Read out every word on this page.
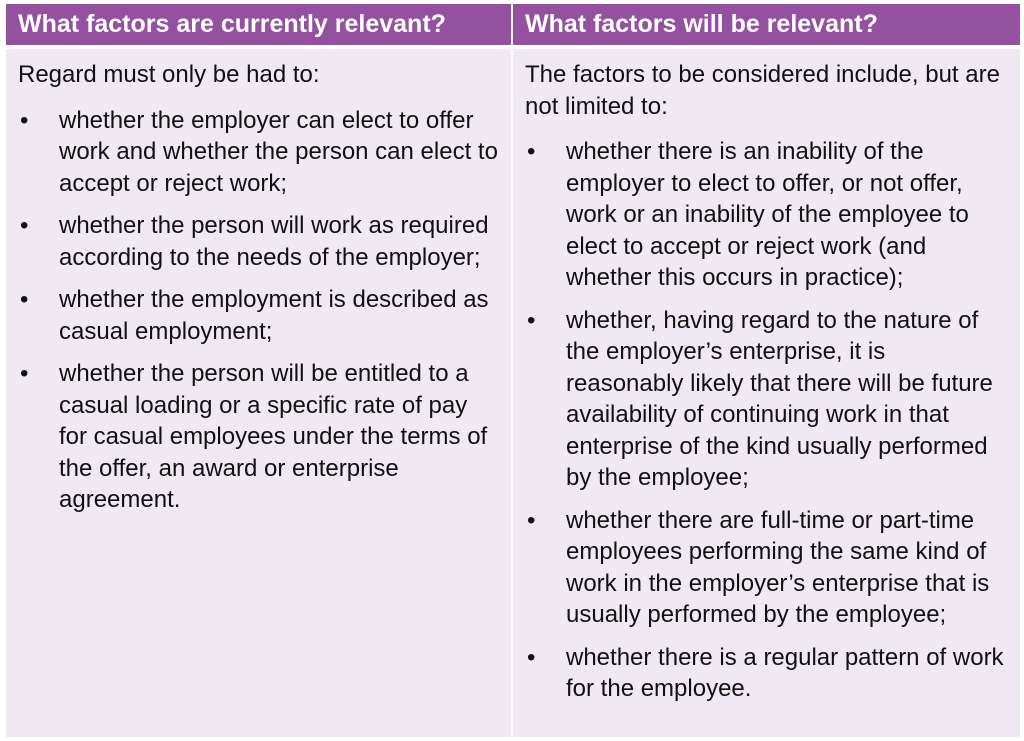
What factors are currently relevant?	What factors will be relevant?
Regard must only be had to:
• whether the employer can elect to offer work and whether the person can elect to accept or reject work;
• whether the person will work as required according to the needs of the employer;
• whether the employment is described as casual employment;
• whether the person will be entitled to a casual loading or a specific rate of pay for casual employees under the terms of the offer, an award or enterprise agreement.
The factors to be considered include, but are not limited to:
• whether there is an inability of the employer to elect to offer, or not offer, work or an inability of the employee to elect to accept or reject work (and whether this occurs in practice);
• whether, having regard to the nature of the employer’s enterprise, it is reasonably likely that there will be future availability of continuing work in that enterprise of the kind usually performed by the employee;
• whether there are full-time or part-time employees performing the same kind of work in the employer’s enterprise that is usually performed by the employee;
• whether there is a regular pattern of work for the employee.
